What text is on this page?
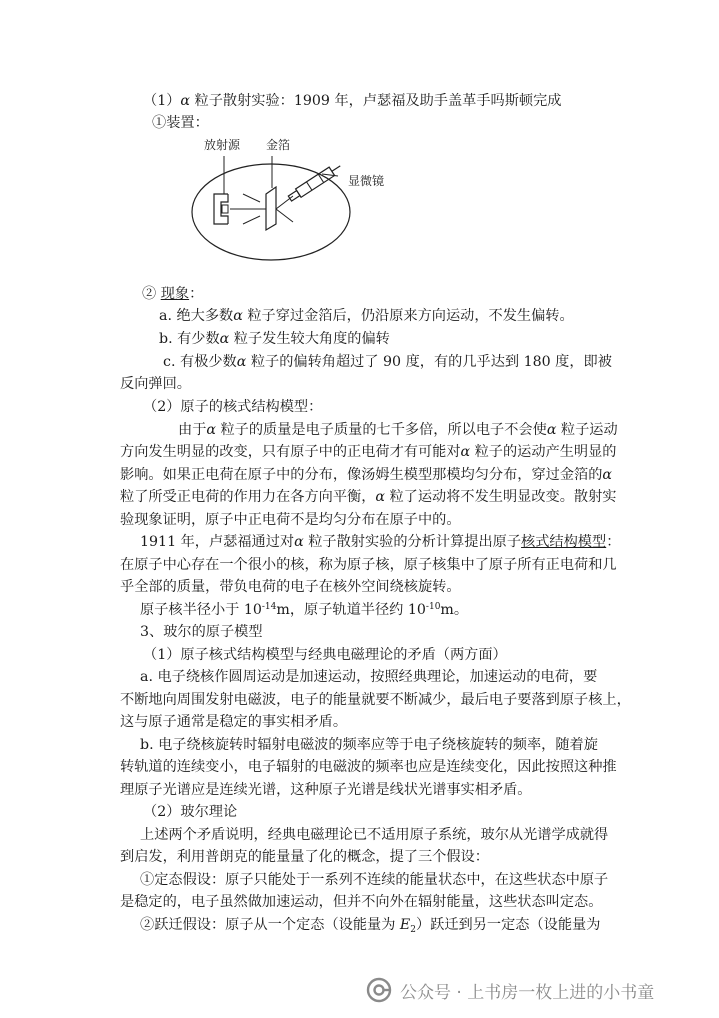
（1）α 粒子散射实验：1909 年，卢瑟福及助手盖革手吗斯顿完成
①装置：
放射源 金箔
显微镜
② 现象：
a. 绝大多数α 粒子穿过金箔后，仍沿原来方向运动，不发生偏转。
b. 有少数α 粒子发生较大角度的偏转
c. 有极少数α 粒子的偏转角超过了 90 度，有的几乎达到 180 度，即被
反向弹回。
（2）原子的核式结构模型：
由于α 粒子的质量是电子质量的七千多倍，所以电子不会使α 粒子运动
方向发生明显的改变，只有原子中的正电荷才有可能对α 粒子的运动产生明显的
影响。如果正电荷在原子中的分布，像汤姆生模型那模均匀分布，穿过金箔的α
粒了所受正电荷的作用力在各方向平衡，α 粒了运动将不发生明显改变。散射实
验现象证明，原子中正电荷不是均匀分布在原子中的。
1911 年，卢瑟福通过对α 粒子散射实验的分析计算提出原子核式结构模型：
在原子中心存在一个很小的核，称为原子核，原子核集中了原子所有正电荷和几
乎全部的质量，带负电荷的电子在核外空间绕核旋转。
原子核半径小于 $10^{-14}m$，原子轨道半径约 $10^{-10}m$。
3、玻尔的原子模型
（1）原子核式结构模型与经典电磁理论的矛盾（两方面）
a. 电子绕核作圆周运动是加速运动，按照经典理论，加速运动的电荷，要
不断地向周围发射电磁波，电子的能量就要不断减少，最后电子要落到原子核上，
这与原子通常是稳定的事实相矛盾。
b. 电子绕核旋转时辐射电磁波的频率应等于电子绕核旋转的频率，随着旋
转轨道的连续变小，电子辐射的电磁波的频率也应是连续变化，因此按照这种推
理原子光谱应是连续光谱，这种原子光谱是线状光谱事实相矛盾。
（2）玻尔理论
上述两个矛盾说明，经典电磁理论已不适用原子系统，玻尔从光谱学成就得
到启发，利用普朗克的能量量了化的概念，提了三个假设：
①定态假设：原子只能处于一系列不连续的能量状态中，在这些状态中原子
是稳定的，电子虽然做加速运动，但并不向外在辐射能量，这些状态叫定态。
②跃迁假设：原子从一个定态（设能量为 $E_2$）跃迁到另一定态（设能量为
公众号 · 上书房一枚上进的小书童
